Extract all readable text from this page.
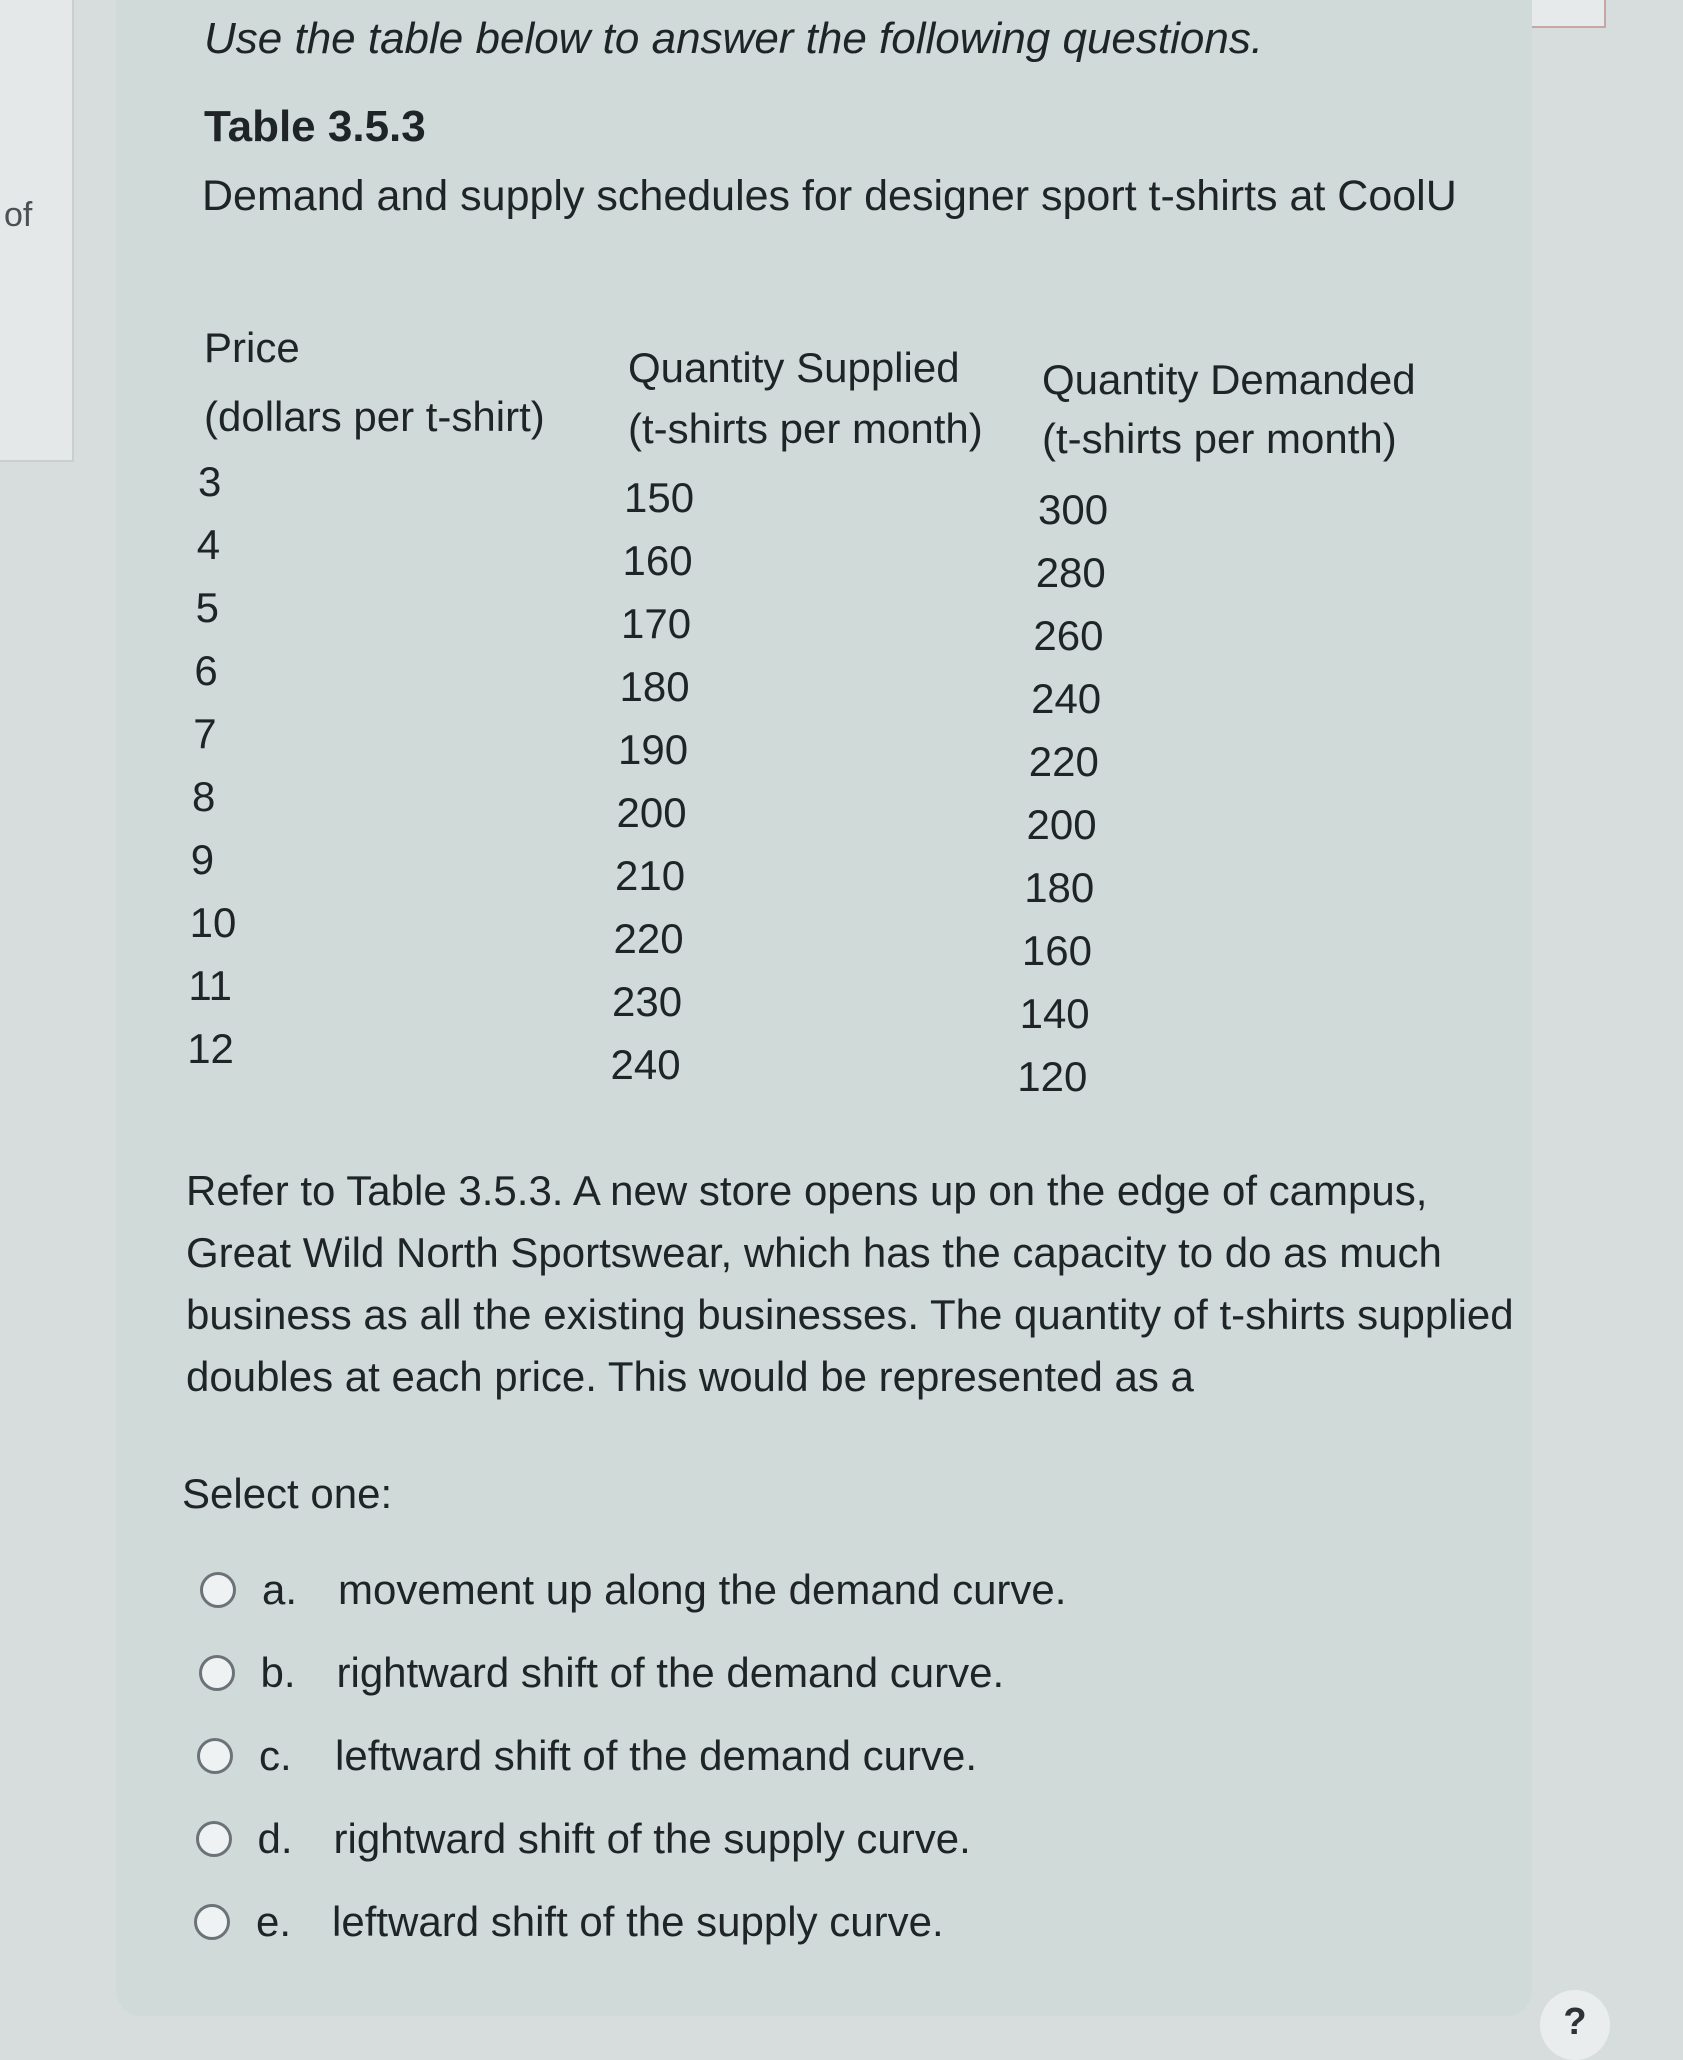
of
Use the table below to answer the following questions.
Table 3.5.3
Demand and supply schedules for designer sport t-shirts at CoolU
Price
(dollars per t-shirt)
Quantity Supplied
(t-shirts per month)
Quantity Demanded
(t-shirts per month)
3	150	300
4	160	280
5	170	260
6	180	240
7	190	220
8	200	200
9	210	180
10	220	160
11	230	140
12	240	120
Refer to Table 3.5.3. A new store opens up on the edge of campus, Great Wild North Sportswear, which has the capacity to do as much business as all the existing businesses. The quantity of t-shirts supplied doubles at each price. This would be represented as a
Select one:
a. movement up along the demand curve.
b. rightward shift of the demand curve.
c.	leftward shift of the demand curve.
d. rightward shift of the supply curve.
e. leftward shift of the supply curve.
?
